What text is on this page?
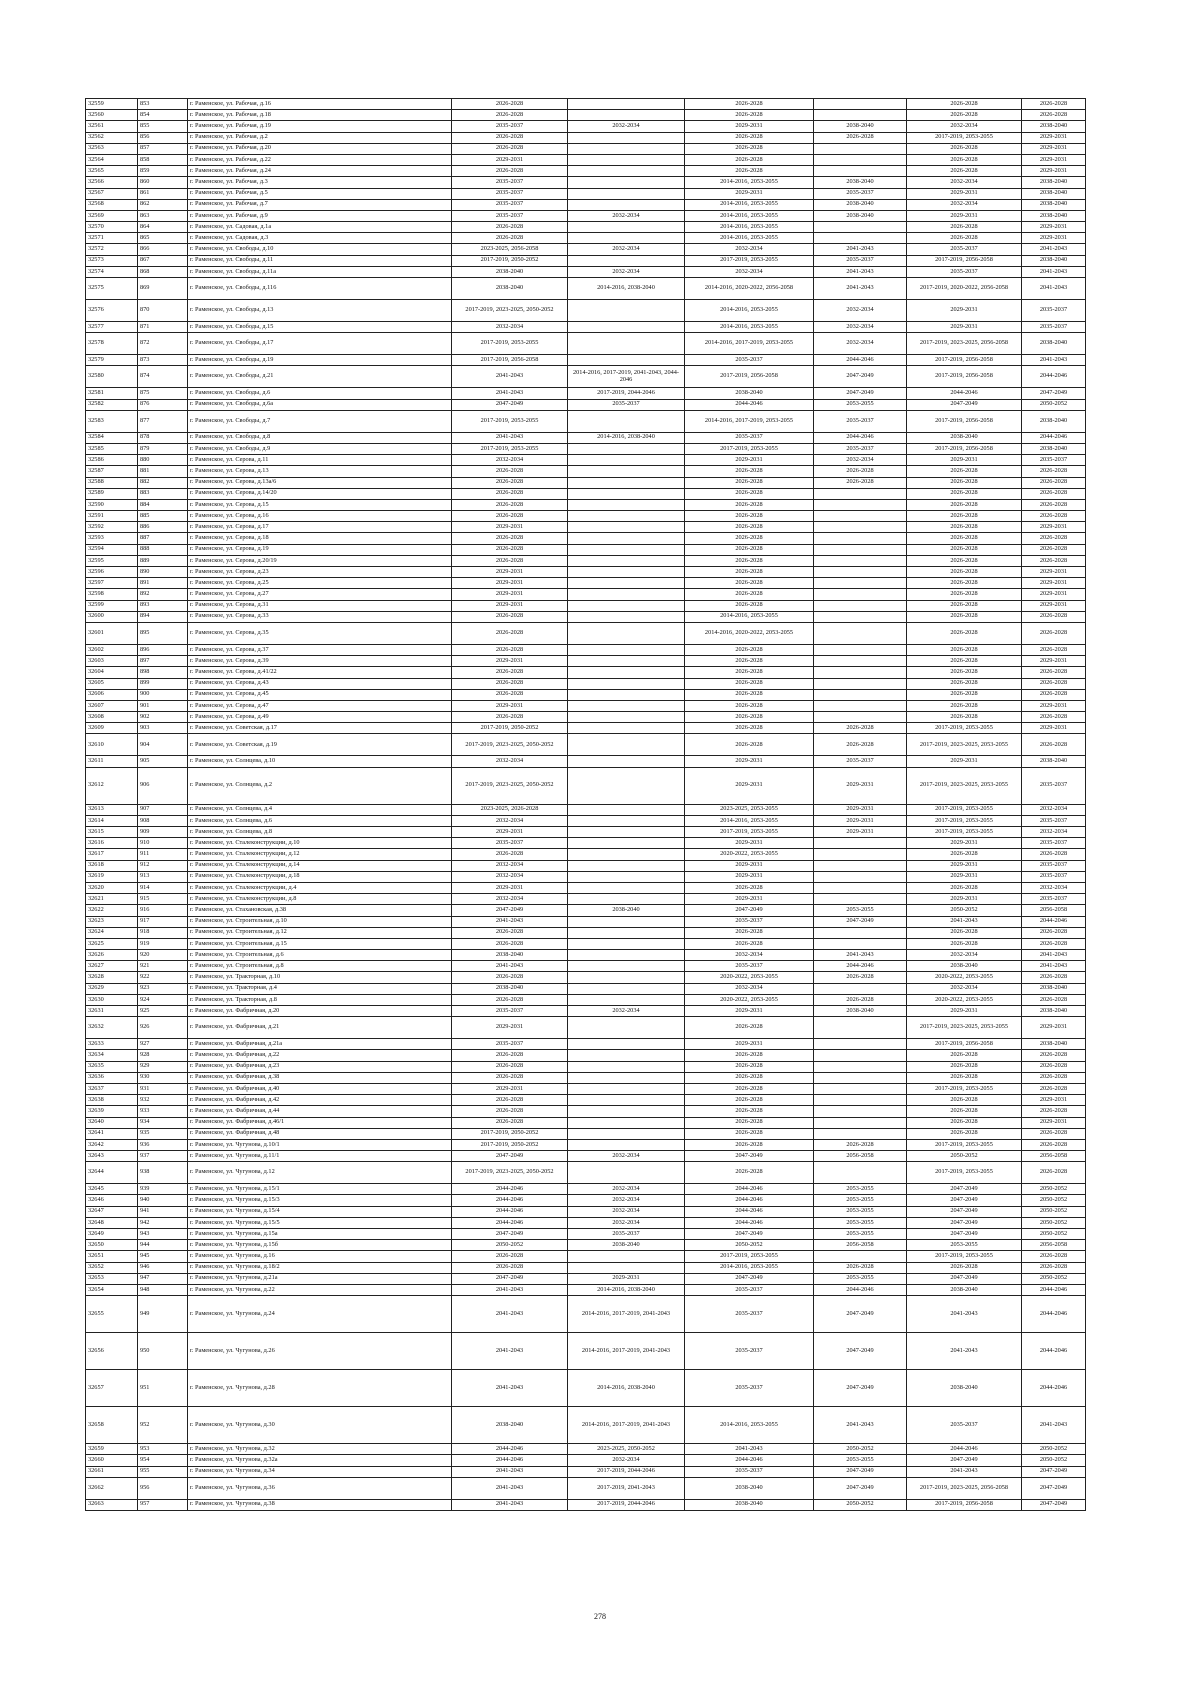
32559	853	г. Раменское, ул. Рабочая, д.16	2026-2028		2026-2028		2026-2028	2026-2028
32560	854	г. Раменское, ул. Рабочая, д.18	2026-2028		2026-2028		2026-2028	2026-2028
32561	855	г. Раменское, ул. Рабочая, д.19	2035-2037	2032-2034	2029-2031	2038-2040	2032-2034	2038-2040
32562	856	г. Раменское, ул. Рабочая, д.2	2026-2028		2026-2028	2026-2028	2017-2019, 2053-2055	2029-2031
32563	857	г. Раменское, ул. Рабочая, д.20	2026-2028		2026-2028		2026-2028	2029-2031
32564	858	г. Раменское, ул. Рабочая, д.22	2029-2031		2026-2028		2026-2028	2029-2031
32565	859	г. Раменское, ул. Рабочая, д.24	2026-2028		2026-2028		2026-2028	2029-2031
32566	860	г. Раменское, ул. Рабочая, д.3	2035-2037		2014-2016, 2053-2055	2038-2040	2032-2034	2038-2040
32567	861	г. Раменское, ул. Рабочая, д.5	2035-2037		2029-2031	2035-2037	2029-2031	2038-2040
32568	862	г. Раменское, ул. Рабочая, д.7	2035-2037		2014-2016, 2053-2055	2038-2040	2032-2034	2038-2040
32569	863	г. Раменское, ул. Рабочая, д.9	2035-2037	2032-2034	2014-2016, 2053-2055	2038-2040	2029-2031	2038-2040
32570	864	г. Раменское, ул. Садовая, д.1а	2026-2028		2014-2016, 2053-2055		2026-2028	2029-2031
32571	865	г. Раменское, ул. Садовая, д.3	2026-2028		2014-2016, 2053-2055		2026-2028	2029-2031
32572	866	г. Раменское, ул. Свободы, д.10	2023-2025, 2056-2058	2032-2034	2032-2034	2041-2043	2035-2037	2041-2043
32573	867	г. Раменское, ул. Свободы, д.11	2017-2019, 2050-2052		2017-2019, 2053-2055	2035-2037	2017-2019, 2056-2058	2038-2040
32574	868	г. Раменское, ул. Свободы, д.11а	2038-2040	2032-2034	2032-2034	2041-2043	2035-2037	2041-2043
32575	869	г. Раменское, ул. Свободы, д.116	2038-2040	2014-2016, 2038-2040	2014-2016, 2020-2022, 2056-2058	2041-2043	2017-2019, 2020-2022, 2056-2058	2041-2043
32576	870	г. Раменское, ул. Свободы, д.13	2017-2019, 2023-2025, 2050-2052		2014-2016, 2053-2055	2032-2034	2029-2031	2035-2037
32577	871	г. Раменское, ул. Свободы, д.15	2032-2034		2014-2016, 2053-2055	2032-2034	2029-2031	2035-2037
32578	872	г. Раменское, ул. Свободы, д.17	2017-2019, 2053-2055		2014-2016, 2017-2019, 2053-2055	2032-2034	2017-2019, 2023-2025, 2056-2058	2038-2040
32579	873	г. Раменское, ул. Свободы, д.19	2017-2019, 2056-2058		2035-2037	2044-2046	2017-2019, 2056-2058	2041-2043
32580	874	г. Раменское, ул. Свободы, д.21	2041-2043	2014-2016, 2017-2019, 2041-2043, 2044-2046	2017-2019, 2056-2058	2047-2049	2017-2019, 2056-2058	2044-2046
32581	875	г. Раменское, ул. Свободы, д.6	2041-2043	2017-2019, 2044-2046	2038-2040	2047-2049	2044-2046	2047-2049
32582	876	г. Раменское, ул. Свободы, д.6а	2047-2049	2035-2037	2044-2046	2053-2055	2047-2049	2050-2052
32583	877	г. Раменское, ул. Свободы, д.7	2017-2019, 2053-2055		2014-2016, 2017-2019, 2053-2055	2035-2037	2017-2019, 2056-2058	2038-2040
32584	878	г. Раменское, ул. Свободы, д.8	2041-2043	2014-2016, 2038-2040	2035-2037	2044-2046	2038-2040	2044-2046
32585	879	г. Раменское, ул. Свободы, д.9	2017-2019, 2053-2055		2017-2019, 2053-2055	2035-2037	2017-2019, 2056-2058	2038-2040
32586	880	г. Раменское, ул. Серова, д.11	2032-2034		2029-2031	2032-2034	2029-2031	2035-2037
32587	881	г. Раменское, ул. Серова, д.13	2026-2028		2026-2028	2026-2028	2026-2028	2026-2028
32588	882	г. Раменское, ул. Серова, д.13а/6	2026-2028		2026-2028	2026-2028	2026-2028	2026-2028
32589	883	г. Раменское, ул. Серова, д.14/20	2026-2028		2026-2028		2026-2028	2026-2028
32590	884	г. Раменское, ул. Серова, д.15	2026-2028		2026-2028		2026-2028	2026-2028
32591	885	г. Раменское, ул. Серова, д.16	2026-2028		2026-2028		2026-2028	2026-2028
32592	886	г. Раменское, ул. Серова, д.17	2029-2031		2026-2028		2026-2028	2029-2031
32593	887	г. Раменское, ул. Серова, д.18	2026-2028		2026-2028		2026-2028	2026-2028
32594	888	г. Раменское, ул. Серова, д.19	2026-2028		2026-2028		2026-2028	2026-2028
32595	889	г. Раменское, ул. Серова, д.20/19	2026-2028		2026-2028		2026-2028	2026-2028
32596	890	г. Раменское, ул. Серова, д.23	2029-2031		2026-2028		2026-2028	2029-2031
32597	891	г. Раменское, ул. Серова, д.25	2029-2031		2026-2028		2026-2028	2029-2031
32598	892	г. Раменское, ул. Серова, д.27	2029-2031		2026-2028		2026-2028	2029-2031
32599	893	г. Раменское, ул. Серова, д.31	2029-2031		2026-2028		2026-2028	2029-2031
32600	894	г. Раменское, ул. Серова, д.33	2026-2028		2014-2016, 2053-2055		2026-2028	2026-2028
32601	895	г. Раменское, ул. Серова, д.35	2026-2028		2014-2016, 2020-2022, 2053-2055		2026-2028	2026-2028
32602	896	г. Раменское, ул. Серова, д.37	2026-2028		2026-2028		2026-2028	2026-2028
32603	897	г. Раменское, ул. Серова, д.39	2029-2031		2026-2028		2026-2028	2029-2031
32604	898	г. Раменское, ул. Серова, д.41/22	2026-2028		2026-2028		2026-2028	2026-2028
32605	899	г. Раменское, ул. Серова, д.43	2026-2028		2026-2028		2026-2028	2026-2028
32606	900	г. Раменское, ул. Серова, д.45	2026-2028		2026-2028		2026-2028	2026-2028
32607	901	г. Раменское, ул. Серова, д.47	2029-2031		2026-2028		2026-2028	2029-2031
32608	902	г. Раменское, ул. Серова, д.49	2026-2028		2026-2028		2026-2028	2026-2028
32609	903	г. Раменское, ул. Советская, д.17	2017-2019, 2050-2052		2026-2028	2026-2028	2017-2019, 2053-2055	2029-2031
32610	904	г. Раменское, ул. Советская, д.19	2017-2019, 2023-2025, 2050-2052		2026-2028	2026-2028	2017-2019, 2023-2025, 2053-2055	2026-2028
32611	905	г. Раменское, ул. Солнцева, д.10	2032-2034		2029-2031	2035-2037	2029-2031	2038-2040
32612	906	г. Раменское, ул. Солнцева, д.2	2017-2019, 2023-2025, 2050-2052		2029-2031	2029-2031	2017-2019, 2023-2025, 2053-2055	2035-2037
32613	907	г. Раменское, ул. Солнцева, д.4	2023-2025, 2026-2028		2023-2025, 2053-2055	2029-2031	2017-2019, 2053-2055	2032-2034
32614	908	г. Раменское, ул. Солнцева, д.6	2032-2034		2014-2016, 2053-2055	2029-2031	2017-2019, 2053-2055	2035-2037
32615	909	г. Раменское, ул. Солнцева, д.8	2029-2031		2017-2019, 2053-2055	2029-2031	2017-2019, 2053-2055	2032-2034
32616	910	г. Раменское, ул. Сталеконструкции, д.10	2035-2037		2029-2031		2029-2031	2035-2037
32617	911	г. Раменское, ул. Сталеконструкции, д.12	2026-2028		2020-2022, 2053-2055		2026-2028	2026-2028
32618	912	г. Раменское, ул. Сталеконструкции, д.14	2032-2034		2029-2031		2029-2031	2035-2037
32619	913	г. Раменское, ул. Сталеконструкции, д.18	2032-2034		2029-2031		2029-2031	2035-2037
32620	914	г. Раменское, ул. Сталеконструкции, д.4	2029-2031		2026-2028		2026-2028	2032-2034
32621	915	г. Раменское, ул. Сталеконструкции, д.8	2032-2034		2029-2031		2029-2031	2035-2037
32622	916	г. Раменское, ул. Стахановская, д.38	2047-2049	2038-2040	2047-2049	2053-2055	2050-2052	2056-2058
32623	917	г. Раменское, ул. Строительная, д.10	2041-2043		2035-2037	2047-2049	2041-2043	2044-2046
32624	918	г. Раменское, ул. Строительная, д.12	2026-2028		2026-2028		2026-2028	2026-2028
32625	919	г. Раменское, ул. Строительная, д.15	2026-2028		2026-2028		2026-2028	2026-2028
32626	920	г. Раменское, ул. Строительная, д.6	2038-2040		2032-2034	2041-2043	2032-2034	2041-2043
32627	921	г. Раменское, ул. Строительная, д.8	2041-2043		2035-2037	2044-2046	2038-2040	2041-2043
32628	922	г. Раменское, ул. Тракторная, д.10	2026-2028		2020-2022, 2053-2055	2026-2028	2020-2022, 2053-2055	2026-2028
32629	923	г. Раменское, ул. Тракторная, д.4	2038-2040		2032-2034		2032-2034	2038-2040
32630	924	г. Раменское, ул. Тракторная, д.8	2026-2028		2020-2022, 2053-2055	2026-2028	2020-2022, 2053-2055	2026-2028
32631	925	г. Раменское, ул. Фабричная, д.20	2035-2037	2032-2034	2029-2031	2038-2040	2029-2031	2038-2040
32632	926	г. Раменское, ул. Фабричная, д.21	2029-2031		2026-2028		2017-2019, 2023-2025, 2053-2055	2029-2031
32633	927	г. Раменское, ул. Фабричная, д.21а	2035-2037		2029-2031		2017-2019, 2056-2058	2038-2040
32634	928	г. Раменское, ул. Фабричная, д.22	2026-2028		2026-2028		2026-2028	2026-2028
32635	929	г. Раменское, ул. Фабричная, д.23	2026-2028		2026-2028		2026-2028	2026-2028
32636	930	г. Раменское, ул. Фабричная, д.38	2026-2028		2026-2028		2026-2028	2026-2028
32637	931	г. Раменское, ул. Фабричная, д.40	2029-2031		2026-2028		2017-2019, 2053-2055	2026-2028
32638	932	г. Раменское, ул. Фабричная, д.42	2026-2028		2026-2028		2026-2028	2029-2031
32639	933	г. Раменское, ул. Фабричная, д.44	2026-2028		2026-2028		2026-2028	2026-2028
32640	934	г. Раменское, ул. Фабричная, д.46/1	2026-2028		2026-2028		2026-2028	2029-2031
32641	935	г. Раменское, ул. Фабричная, д.48	2017-2019, 2050-2052		2026-2028		2026-2028	2026-2028
32642	936	г. Раменское, ул. Чугунова, д.10/1	2017-2019, 2050-2052		2026-2028	2026-2028	2017-2019, 2053-2055	2026-2028
32643	937	г. Раменское, ул. Чугунова, д.11/1	2047-2049	2032-2034	2047-2049	2056-2058	2050-2052	2056-2058
32644	938	г. Раменское, ул. Чугунова, д.12	2017-2019, 2023-2025, 2050-2052		2026-2028		2017-2019, 2053-2055	2026-2028
32645	939	г. Раменское, ул. Чугунова, д.15/1	2044-2046	2032-2034	2044-2046	2053-2055	2047-2049	2050-2052
32646	940	г. Раменское, ул. Чугунова, д.15/3	2044-2046	2032-2034	2044-2046	2053-2055	2047-2049	2050-2052
32647	941	г. Раменское, ул. Чугунова, д.15/4	2044-2046	2032-2034	2044-2046	2053-2055	2047-2049	2050-2052
32648	942	г. Раменское, ул. Чугунова, д.15/5	2044-2046	2032-2034	2044-2046	2053-2055	2047-2049	2050-2052
32649	943	г. Раменское, ул. Чугунова, д.15а	2047-2049	2035-2037	2047-2049	2053-2055	2047-2049	2050-2052
32650	944	г. Раменское, ул. Чугунова, д.15б	2050-2052	2038-2040	2050-2052	2056-2058	2053-2055	2056-2058
32651	945	г. Раменское, ул. Чугунова, д.16	2026-2028		2017-2019, 2053-2055		2017-2019, 2053-2055	2026-2028
32652	946	г. Раменское, ул. Чугунова, д.18/2	2026-2028		2014-2016, 2053-2055	2026-2028	2026-2028	2026-2028
32653	947	г. Раменское, ул. Чугунова, д.21а	2047-2049	2029-2031	2047-2049	2053-2055	2047-2049	2050-2052
32654	948	г. Раменское, ул. Чугунова, д.22	2041-2043	2014-2016, 2038-2040	2035-2037	2044-2046	2038-2040	2044-2046
32655	949	г. Раменское, ул. Чугунова, д.24	2041-2043	2014-2016, 2017-2019, 2041-2043	2035-2037	2047-2049	2041-2043	2044-2046
32656	950	г. Раменское, ул. Чугунова, д.26	2041-2043	2014-2016, 2017-2019, 2041-2043	2035-2037	2047-2049	2041-2043	2044-2046
32657	951	г. Раменское, ул. Чугунова, д.28	2041-2043	2014-2016, 2038-2040	2035-2037	2047-2049	2038-2040	2044-2046
32658	952	г. Раменское, ул. Чугунова, д.30	2038-2040	2014-2016, 2017-2019, 2041-2043	2014-2016, 2053-2055	2041-2043	2035-2037	2041-2043
32659	953	г. Раменское, ул. Чугунова, д.32	2044-2046	2023-2025, 2050-2052	2041-2043	2050-2052	2044-2046	2050-2052
32660	954	г. Раменское, ул. Чугунова, д.32а	2044-2046	2032-2034	2044-2046	2053-2055	2047-2049	2050-2052
32661	955	г. Раменское, ул. Чугунова, д.34	2041-2043	2017-2019, 2044-2046	2035-2037	2047-2049	2041-2043	2047-2049
32662	956	г. Раменское, ул. Чугунова, д.36	2041-2043	2017-2019, 2041-2043	2038-2040	2047-2049	2017-2019, 2023-2025, 2056-2058	2047-2049
32663	957	г. Раменское, ул. Чугунова, д.38	2041-2043	2017-2019, 2044-2046	2038-2040	2050-2052	2017-2019, 2056-2058	2047-2049
278
